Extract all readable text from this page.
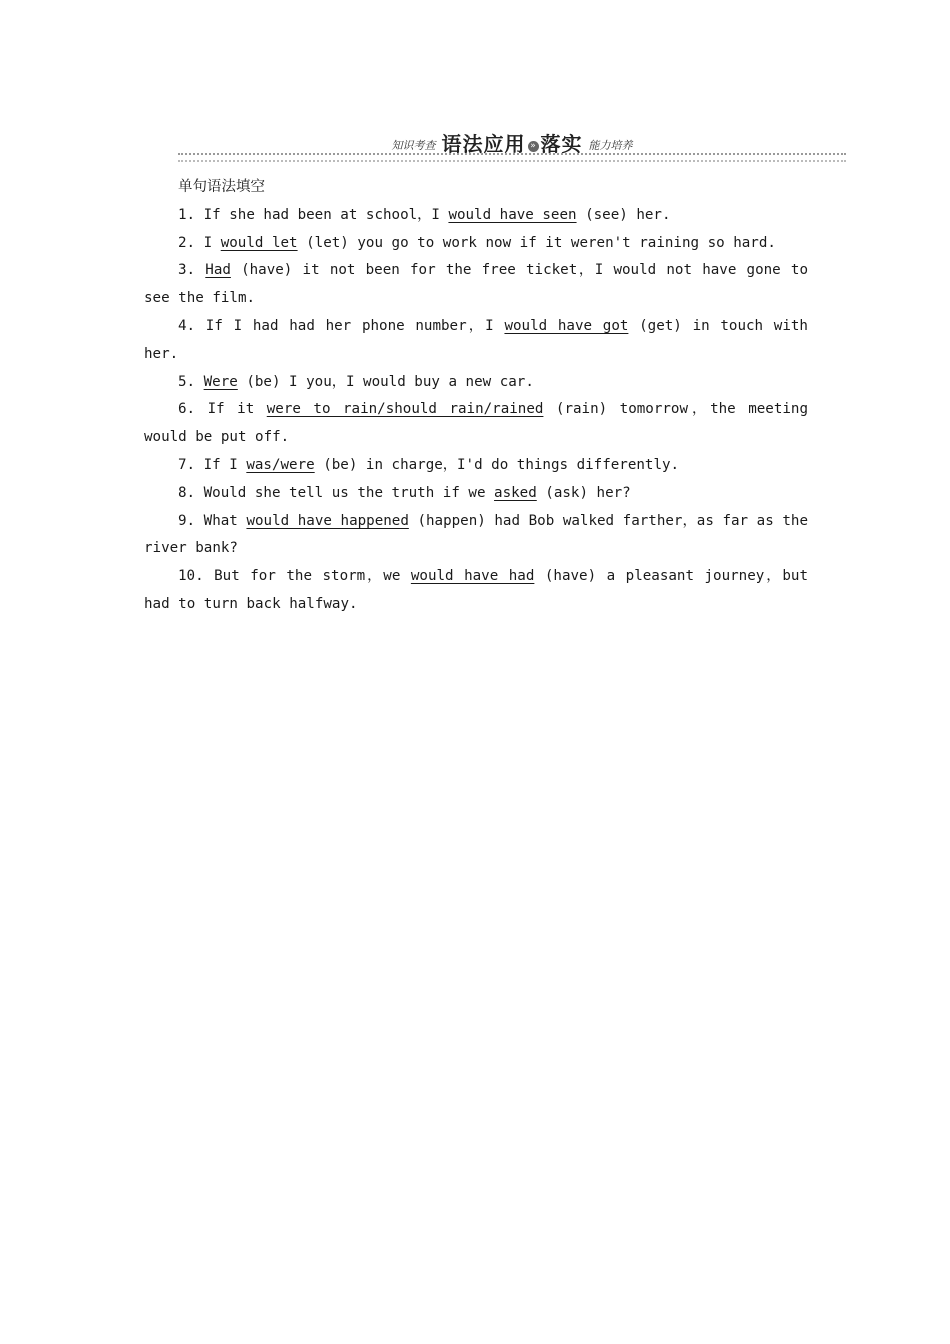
知识考查 语法应用 » 落实 能力培养
单句语法填空
1. If she had been at school，I would have seen (see) her.
2. I would let (let) you go to work now if it weren't raining so hard.
3. Had (have) it not been for the free ticket，I would not have gone to see the film.
4. If I had had her phone number，I would have got (get) in touch with her.
5. Were (be) I you，I would buy a new car.
6. If it were to rain/should rain/rained (rain) tomorrow，the meeting would be put off.
7. If I was/were (be) in charge，I'd do things differently.
8. Would she tell us the truth if we asked (ask) her?
9. What would have happened (happen) had Bob walked farther，as far as the river bank?
10. But for the storm，we would have had (have) a pleasant journey，but had to turn back halfway.
